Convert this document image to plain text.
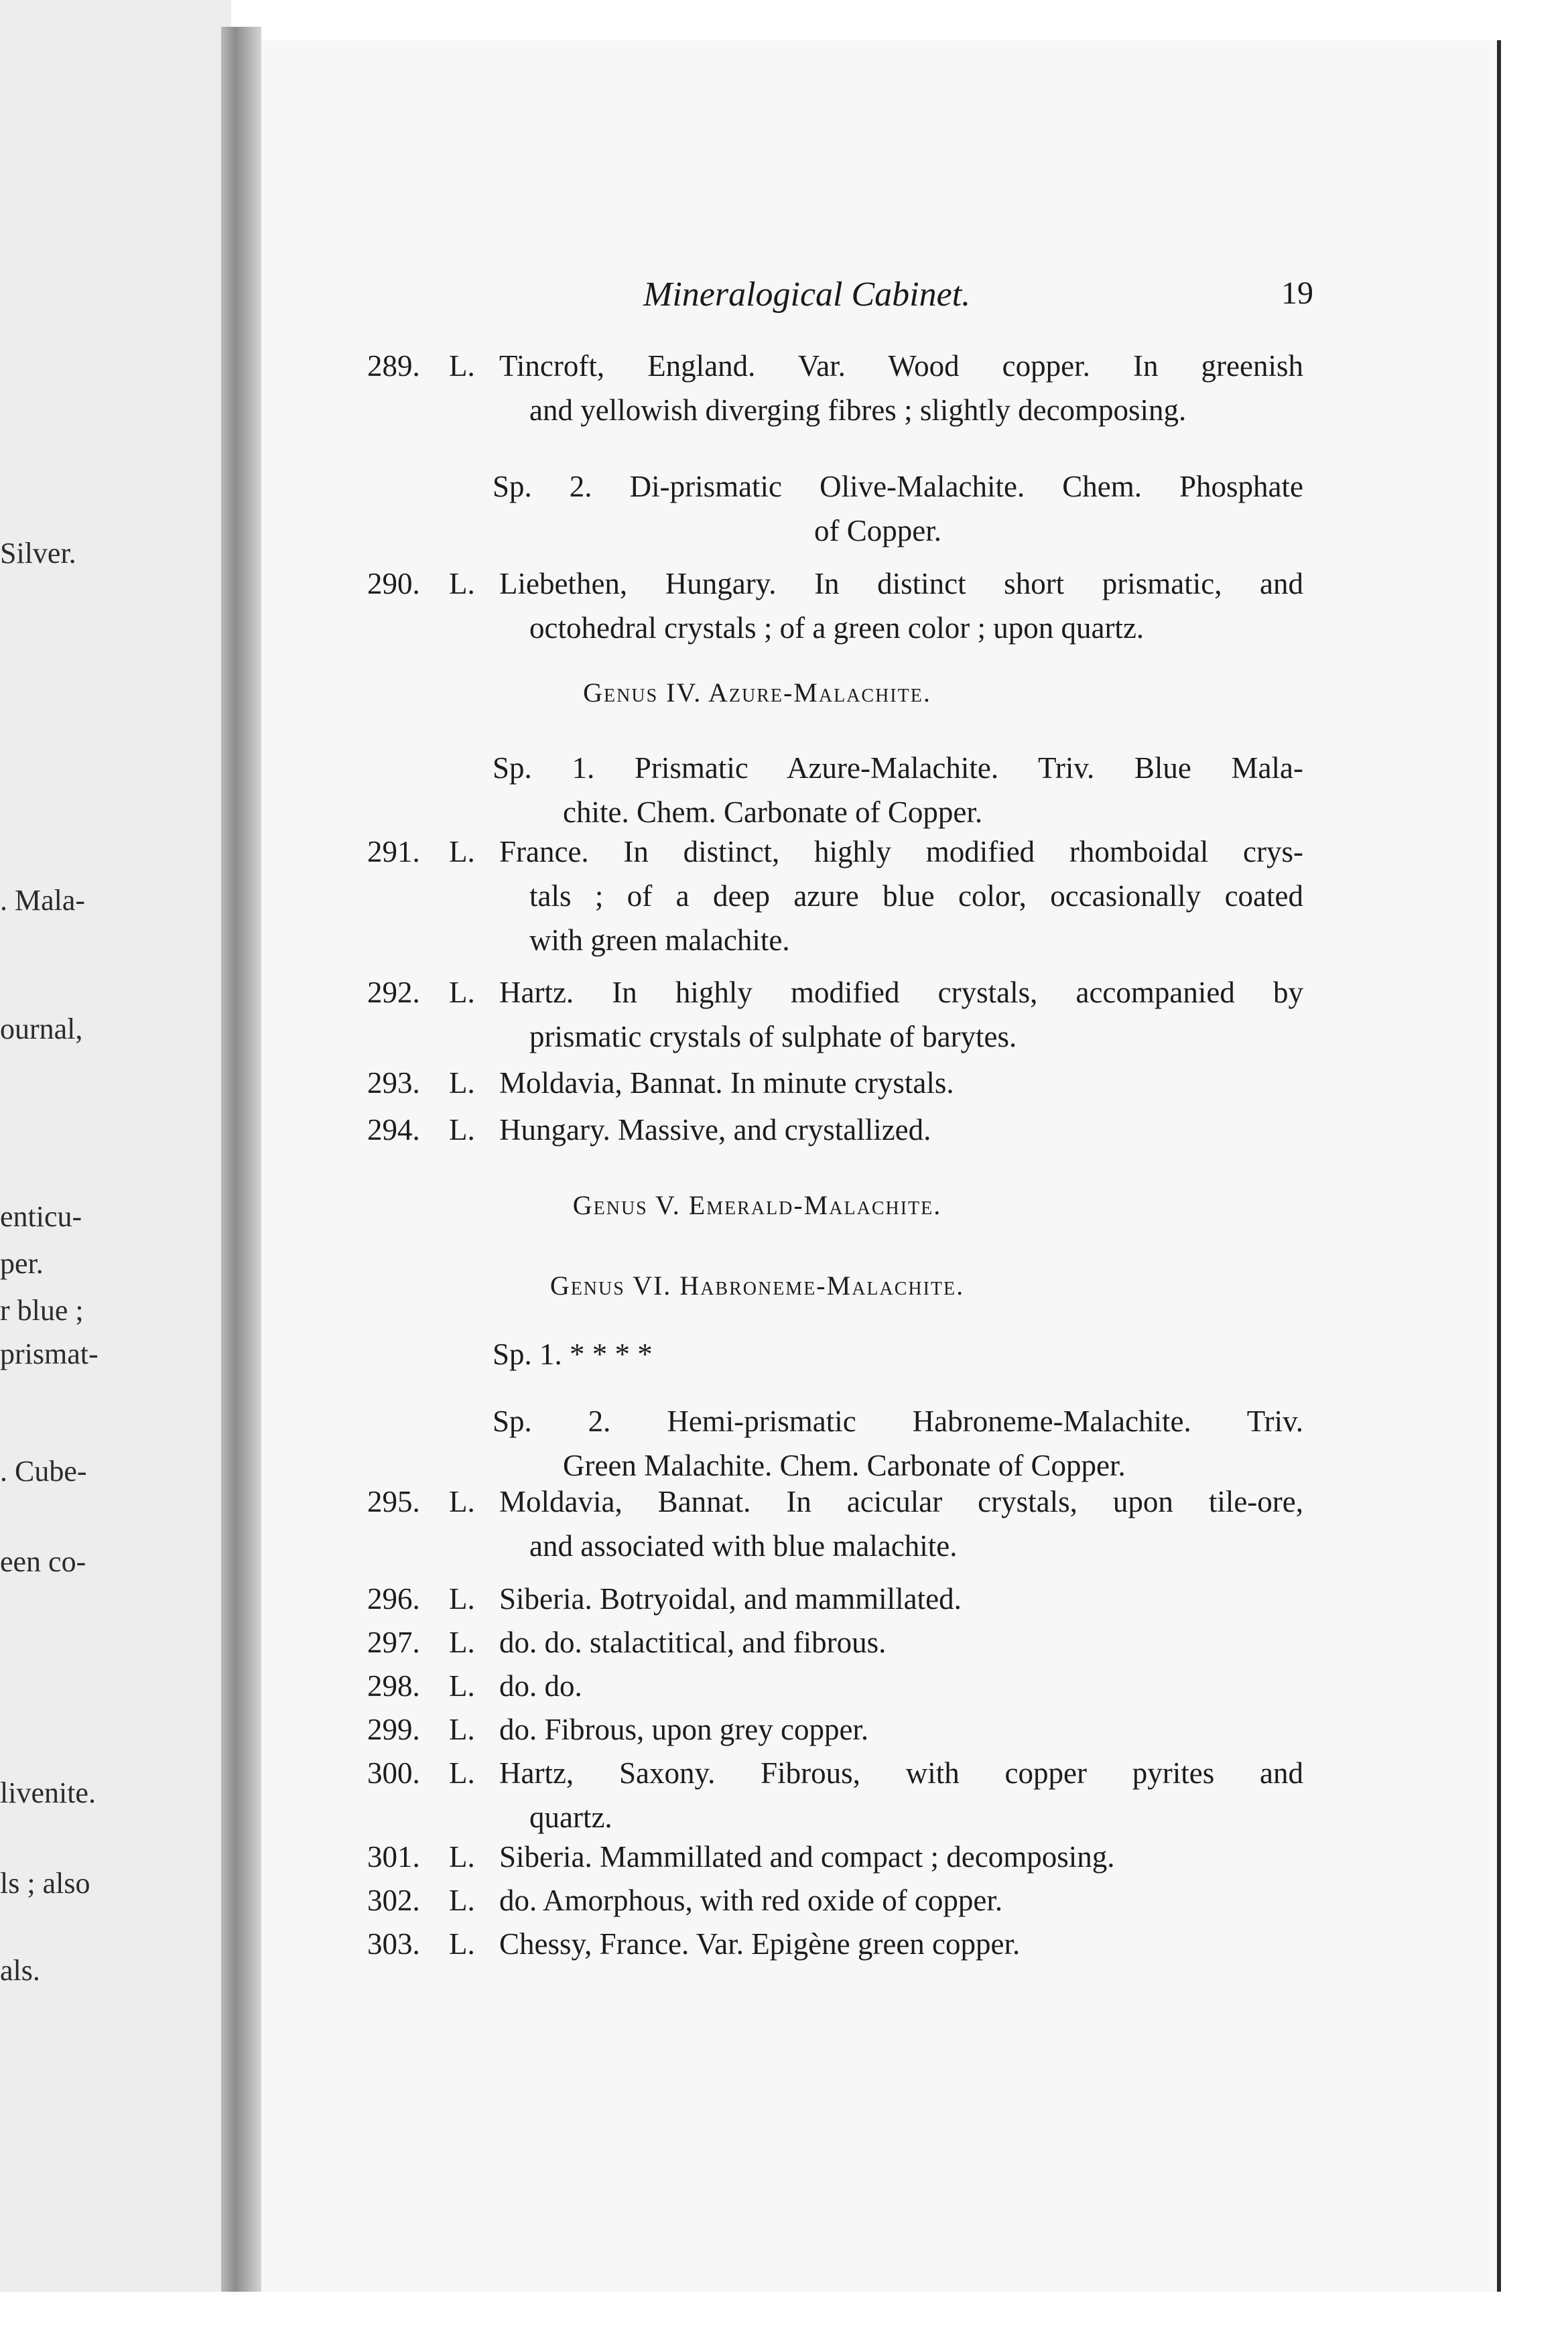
Silver.
. Mala-
ournal,
enticu-
per.
r blue ;
prismat-
. Cube-
een co-
livenite.
ls ; also
als.
Mineralogical Cabinet.	19
289. L. Tincroft, England. Var. Wood copper. In greenish
and yellowish diverging fibres ; slightly decomposing.
Sp. 2. Di-prismatic Olive-Malachite. Chem. Phosphate
of Copper.
290. L. Liebethen, Hungary. In distinct short prismatic, and
octohedral crystals ; of a green color ; upon quartz.
Genus IV. Azure-Malachite.
Sp. 1. Prismatic Azure-Malachite. Triv. Blue Mala-
chite. Chem. Carbonate of Copper.
291. L. France. In distinct, highly modified rhomboidal crys-
tals ; of a deep azure blue color, occasionally coated
with green malachite.
292. L. Hartz. In highly modified crystals, accompanied by
prismatic crystals of sulphate of barytes.
293. L. Moldavia, Bannat. In minute crystals.
294. L. Hungary. Massive, and crystallized.
Genus V. Emerald-Malachite.
Genus VI. Habroneme-Malachite.
Sp. 1. * * * *
Sp. 2. Hemi-prismatic Habroneme-Malachite. Triv.
Green Malachite. Chem. Carbonate of Copper.
295. L. Moldavia, Bannat. In acicular crystals, upon tile-ore,
and associated with blue malachite.
296. L. Siberia. Botryoidal, and mammillated.
297. L. do. do. stalactitical, and fibrous.
298. L. do. do.
299. L. do. Fibrous, upon grey copper.
300. L. Hartz, Saxony. Fibrous, with copper pyrites and
quartz.
301. L. Siberia. Mammillated and compact ; decomposing.
302. L. do. Amorphous, with red oxide of copper.
303. L. Chessy, France. Var. Epigène green copper.
